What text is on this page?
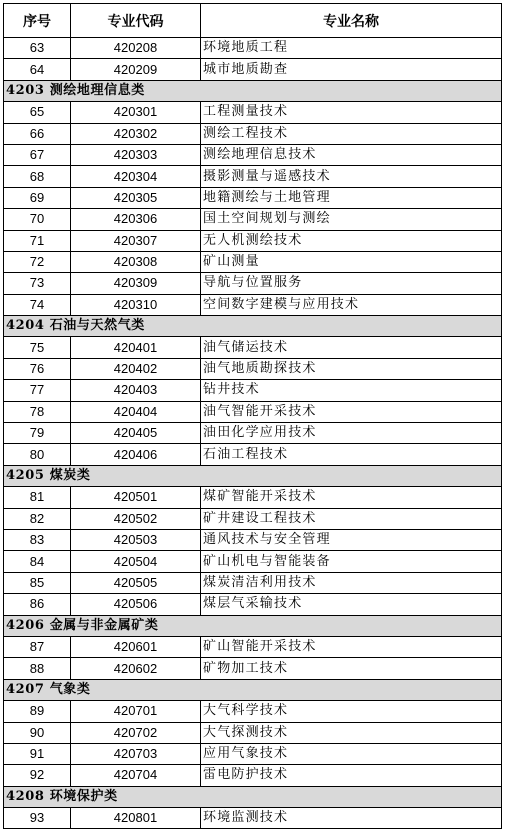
序号	专业代码	专业名称
63	420208	环境地质工程
64	420209	城市地质勘查
4203 测绘地理信息类		
65	420301	工程测量技术
66	420302	测绘工程技术
67	420303	测绘地理信息技术
68	420304	摄影测量与遥感技术
69	420305	地籍测绘与土地管理
70	420306	国土空间规划与测绘
71	420307	无人机测绘技术
72	420308	矿山测量
73	420309	导航与位置服务
74	420310	空间数字建模与应用技术
4204 石油与天然气类		
75	420401	油气储运技术
76	420402	油气地质勘探技术
77	420403	钻井技术
78	420404	油气智能开采技术
79	420405	油田化学应用技术
80	420406	石油工程技术
4205 煤炭类		
81	420501	煤矿智能开采技术
82	420502	矿井建设工程技术
83	420503	通风技术与安全管理
84	420504	矿山机电与智能装备
85	420505	煤炭清洁利用技术
86	420506	煤层气采输技术
4206 金属与非金属矿类		
87	420601	矿山智能开采技术
88	420602	矿物加工技术
4207 气象类		
89	420701	大气科学技术
90	420702	大气探测技术
91	420703	应用气象技术
92	420704	雷电防护技术
4208 环境保护类		
93	420801	环境监测技术
